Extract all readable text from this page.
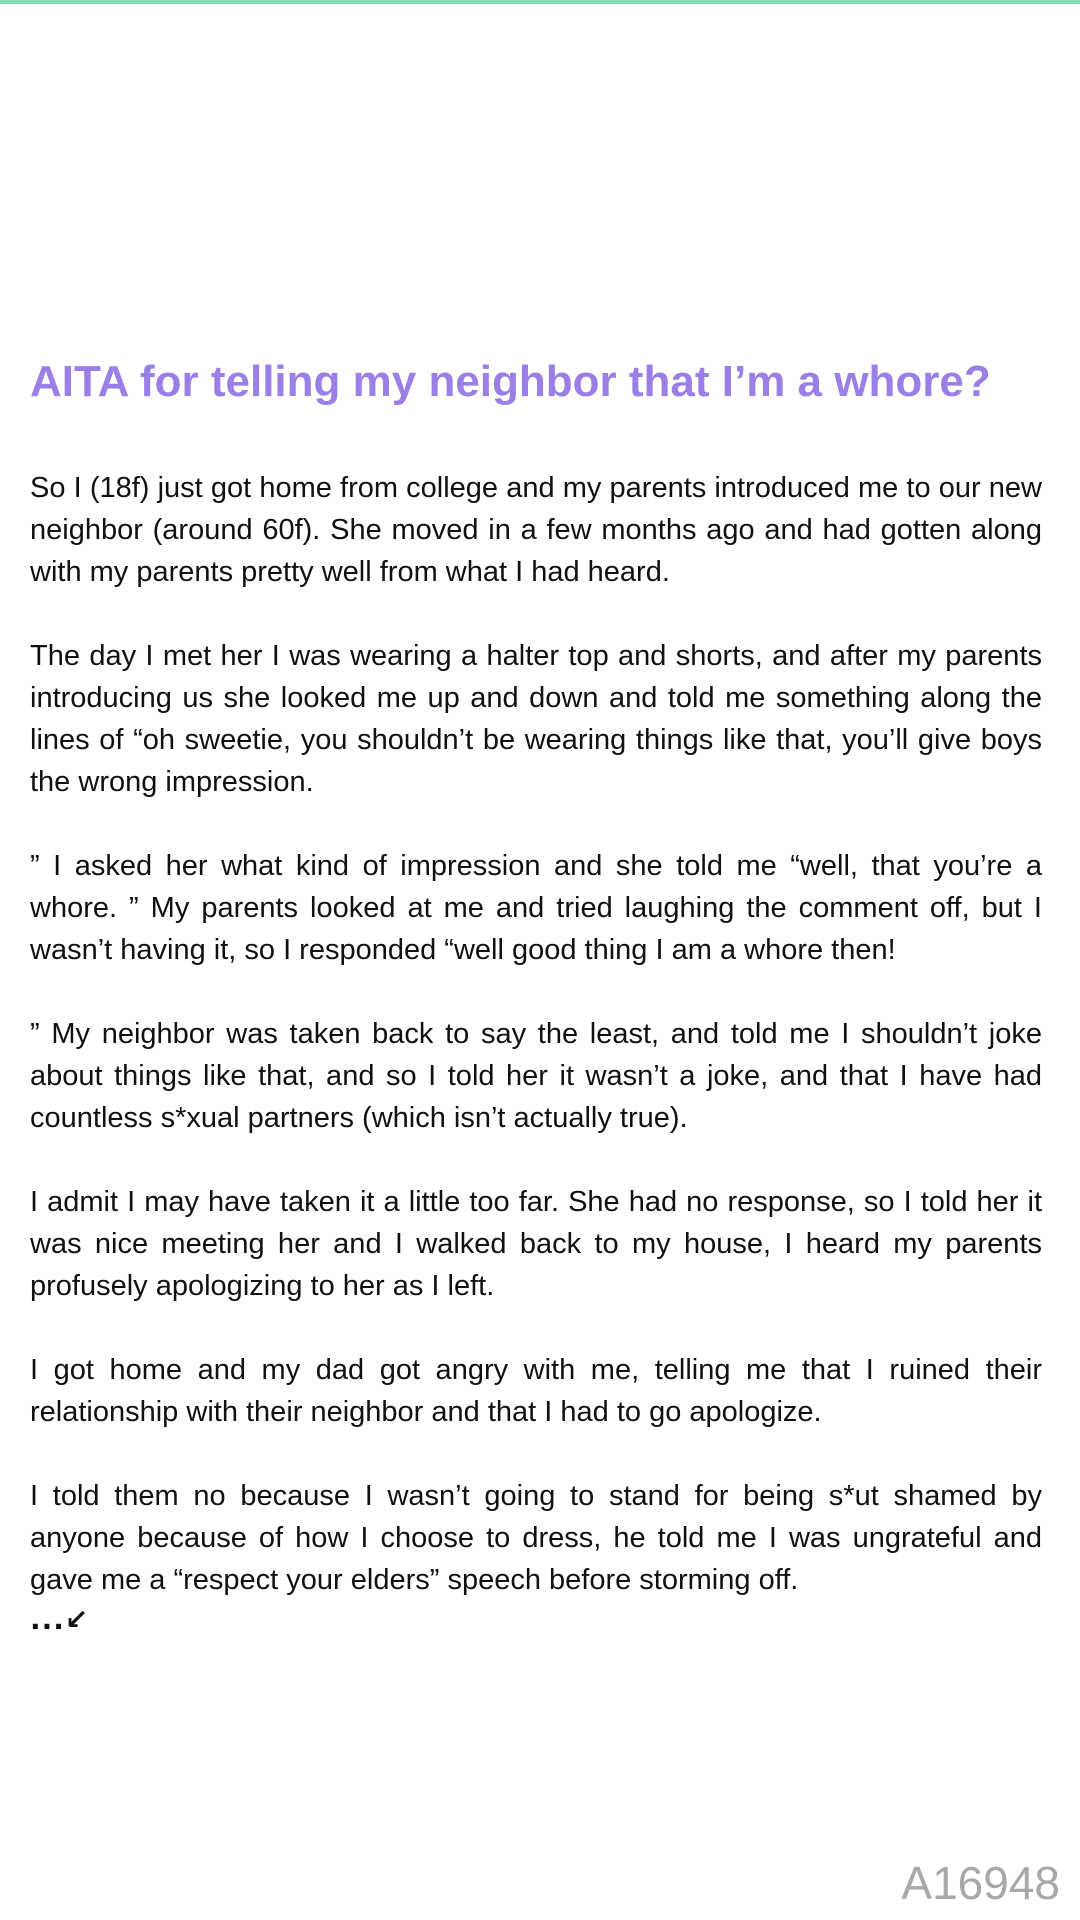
AITA for telling my neighbor that I’m a whore?

So I (18f) just got home from college and my parents introduced me to our new neighbor (around 60f). She moved in a few months ago and had gotten along with my parents pretty well from what I had heard.

The day I met her I was wearing a halter top and shorts, and after my parents introducing us she looked me up and down and told me something along the lines of “oh sweetie, you shouldn’t be wearing things like that, you’ll give boys the wrong impression.

” I asked her what kind of impression and she told me “well, that you’re a whore. ” My parents looked at me and tried laughing the comment off, but I wasn’t having it, so I responded “well good thing I am a whore then!

” My neighbor was taken back to say the least, and told me I shouldn’t joke about things like that, and so I told her it wasn’t a joke, and that I have had countless s*xual partners (which isn’t actually true).

I admit I may have taken it a little too far. She had no response, so I told her it was nice meeting her and I walked back to my house, I heard my parents profusely apologizing to her as I left.

I got home and my dad got angry with me, telling me that I ruined their relationship with their neighbor and that I had to go apologize.

I told them no because I wasn’t going to stand for being s*ut shamed by anyone because of how I choose to dress, he told me I was ungrateful and gave me a “respect your elders” speech before storming off.

...↙
A16948
